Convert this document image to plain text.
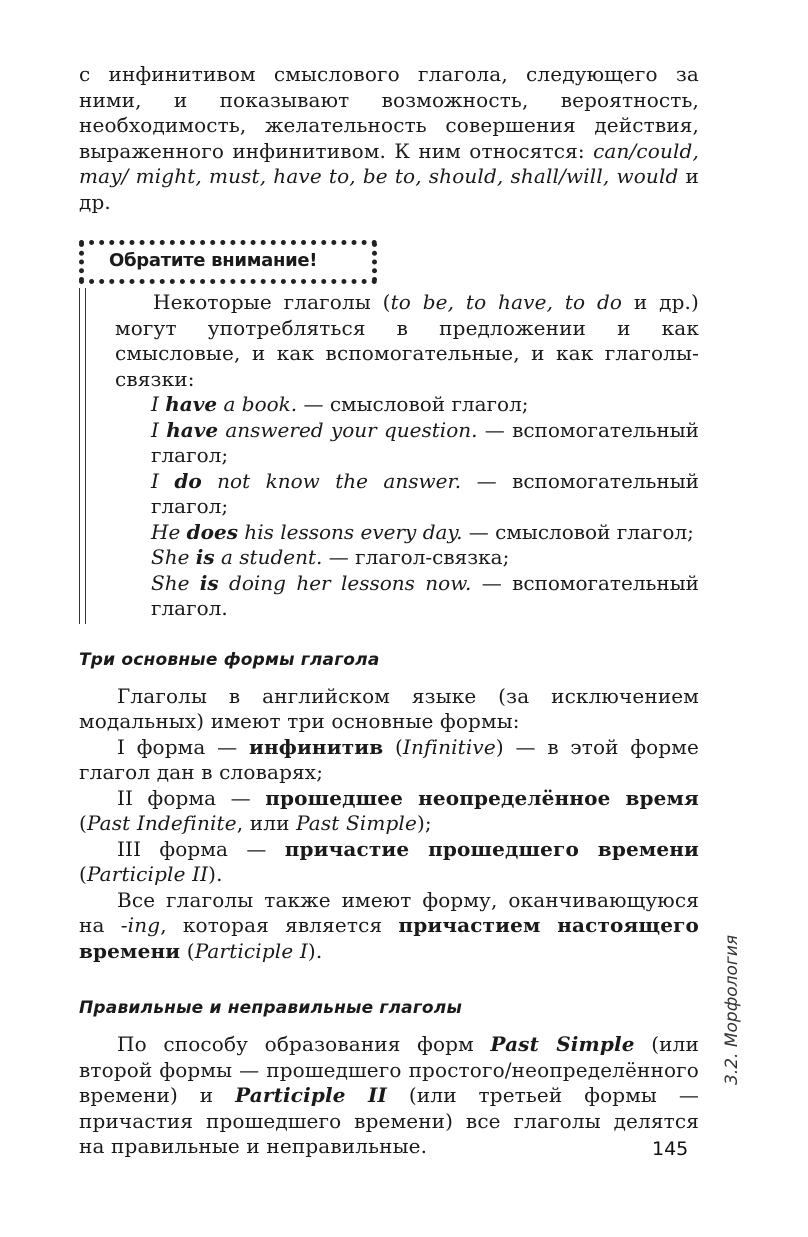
с инфинитивом смыслового глагола, следующего за ними, и показывают возможность, вероятность, необходимость, желательность совершения действия, выраженного инфинитивом. К ним относятся: can/could, may/ might, must, have to, be to, should, shall/will, would и др.

Обратите внимание!

Некоторые глаголы (to be, to have, to do и др.) могут употребляться в предложении и как смысловые, и как вспомогательные, и как глаголы-связки:

I have a book. — смысловой глагол;
I have answered your question. — вспомогательный глагол;
I do not know the answer. — вспомогательный глагол;
He does his lessons every day. — смысловой глагол;
She is a student. — глагол-связка;
She is doing her lessons now. — вспомогательный глагол.
Три основные формы глагола

Глаголы в английском языке (за исключением модальных) имеют три основные формы:

I форма — инфинитив (Infinitive) — в этой форме глагол дан в словарях;

II форма — прошедшее неопределённое время (Past Indefinite, или Past Simple);

III форма — причастие прошедшего времени (Participle II).

Все глаголы также имеют форму, оканчивающуюся на -ing, которая является причастием настоящего времени (Participle I).

Правильные и неправильные глаголы

По способу образования форм Past Simple (или второй формы — прошедшего простого/неопределённого времени) и Participle II (или третьей формы — причастия прошедшего времени) все глаголы делятся на правильные и неправильные.

3.2. Морфология
145
